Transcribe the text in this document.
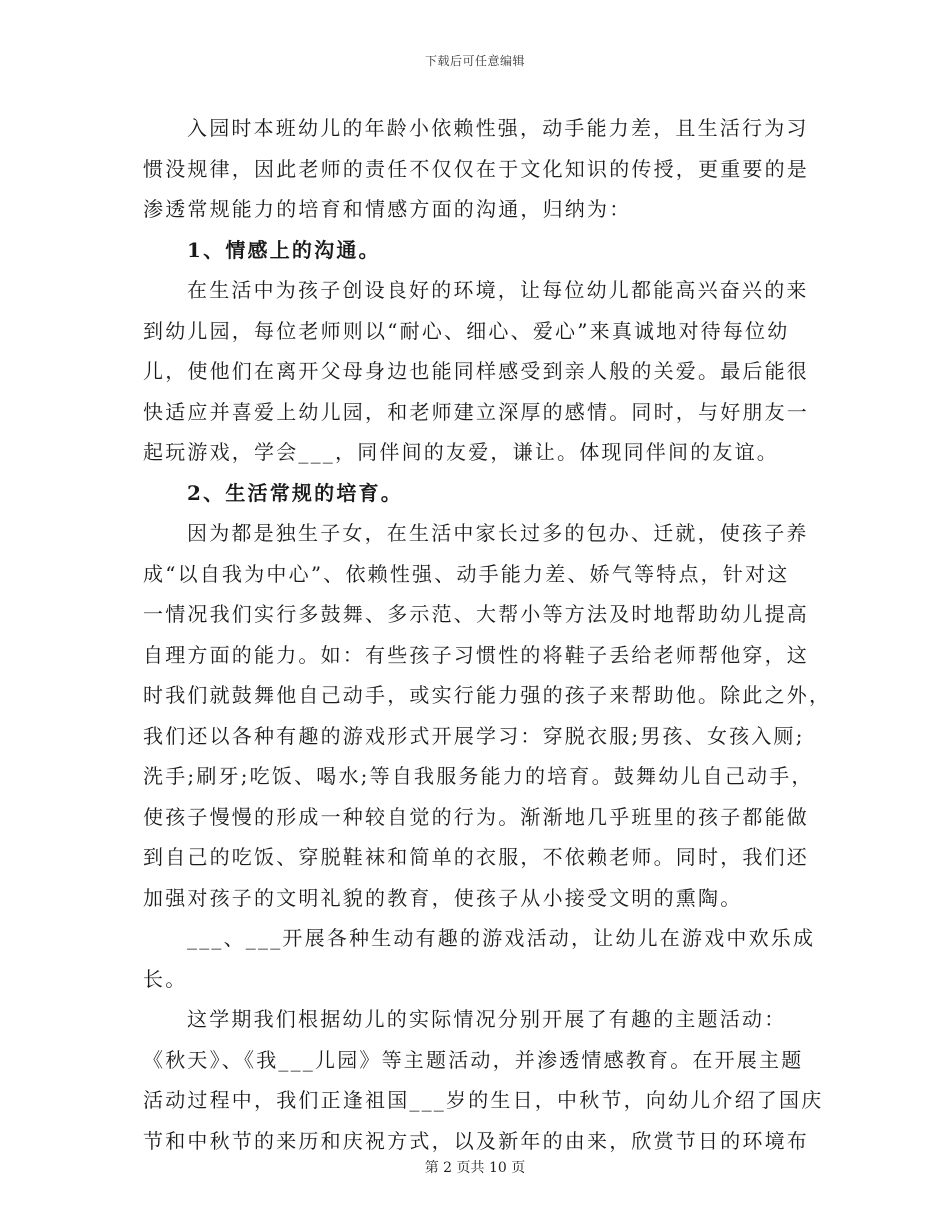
下载后可任意编辑
入园时本班幼儿的年龄小依赖性强，动手能力差，且生活行为习
惯没规律，因此老师的责任不仅仅在于文化知识的传授，更重要的是
渗透常规能力的培育和情感方面的沟通，归纳为：
1、情感上的沟通。
在生活中为孩子创设良好的环境，让每位幼儿都能高兴奋兴的来
到幼儿园，每位老师则以“耐心、细心、爱心”来真诚地对待每位幼
儿，使他们在离开父母身边也能同样感受到亲人般的关爱。最后能很
快适应并喜爱上幼儿园，和老师建立深厚的感情。同时，与好朋友一
起玩游戏，学会___，同伴间的友爱，谦让。体现同伴间的友谊。
2、生活常规的培育。
因为都是独生子女，在生活中家长过多的包办、迁就，使孩子养
成“以自我为中心”、依赖性强、动手能力差、娇气等特点，针对这
一情况我们实行多鼓舞、多示范、大帮小等方法及时地帮助幼儿提高
自理方面的能力。如：有些孩子习惯性的将鞋子丢给老师帮他穿，这
时我们就鼓舞他自己动手，或实行能力强的孩子来帮助他。除此之外，
我们还以各种有趣的游戏形式开展学习：穿脱衣服;男孩、女孩入厕;
洗手;刷牙;吃饭、喝水;等自我服务能力的培育。鼓舞幼儿自己动手，
使孩子慢慢的形成一种较自觉的行为。渐渐地几乎班里的孩子都能做
到自己的吃饭、穿脱鞋袜和简单的衣服，不依赖老师。同时，我们还
加强对孩子的文明礼貌的教育，使孩子从小接受文明的熏陶。
___、___开展各种生动有趣的游戏活动，让幼儿在游戏中欢乐成
长。
这学期我们根据幼儿的实际情况分别开展了有趣的主题活动：
《秋天》、《我___儿园》等主题活动，并渗透情感教育。在开展主题
活动过程中，我们正逢祖国___岁的生日，中秋节，向幼儿介绍了国庆
节和中秋节的来历和庆祝方式，以及新年的由来，欣赏节日的环境布
第 2 页共 10 页
